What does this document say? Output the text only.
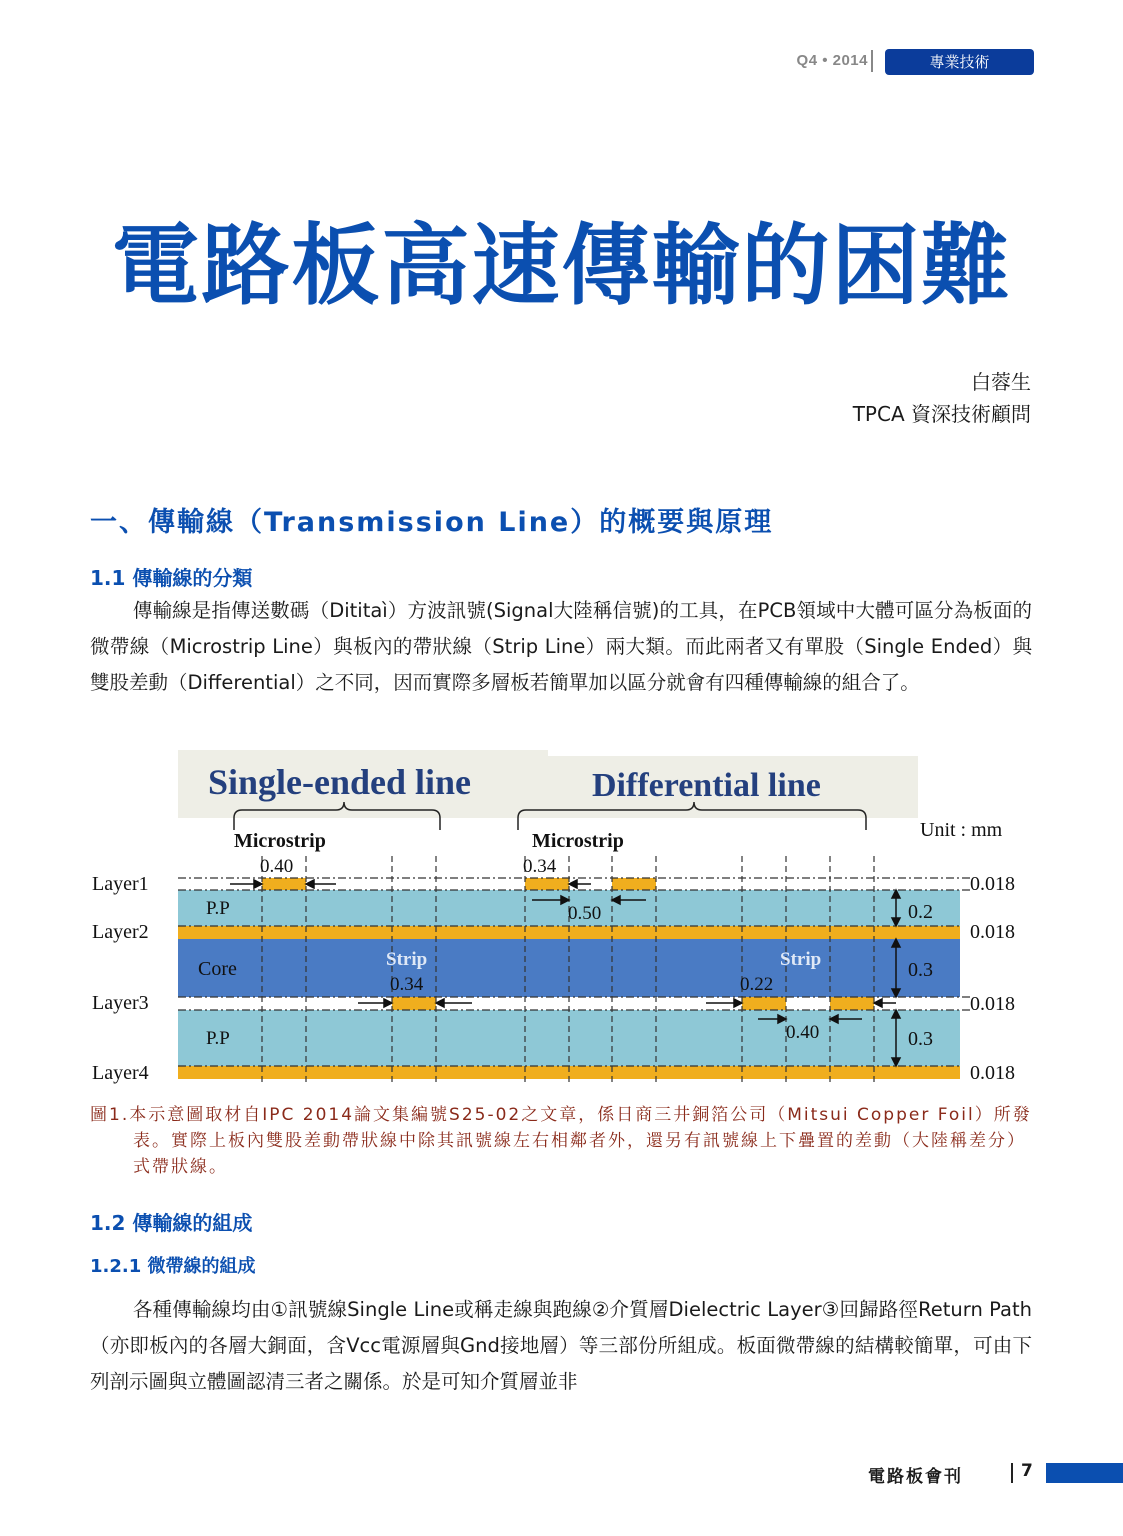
Q4 • 2014	專業技術
電路板高速傳輸的困難
白蓉生
TPCA 資深技術顧問
一、傳輸線（Transmission Line）的概要與原理
1.1 傳輸線的分類

傳輸線是指傳送數碼（Dititaì）方波訊號(Signal大陸稱信號)的工具，在PCB領域中大體可區分為板面的微帶線（Microstrip Line）與板內的帶狀線（Strip Line）兩大類。而此兩者又有單股（Single Ended）與雙股差動（Differential）之不同，因而實際多層板若簡單加以區分就會有四種傳輸線的組合了。

Single-ended line	Differential line
Unit : mm
Microstrip	Microstrip
Layer1
Layer2
Layer3
Layer4
P.P
Core
P.P
Strip	Strip
0.40	0.34
0.50
0.34	0.22
0.40
0.2
0.3
0.3
0.018
0.018
0.018
0.018

圖1.本示意圖取材自IPC 2014論文集編號S25-02之文章，係日商三井銅箔公司（Mitsui Copper Foil）所發表。實際上板內雙股差動帶狀線中除其訊號線左右相鄰者外，還另有訊號線上下疊置的差動（大陸稱差分）式帶狀線。

1.2 傳輸線的組成
1.2.1 微帶線的組成

各種傳輸線均由①訊號線Single Line或稱走線與跑線②介質層Dielectric Layer③回歸路徑Return Path（亦即板內的各層大銅面，含Vcc電源層與Gnd接地層）等三部份所組成。板面微帶線的結構較簡單，可由下列剖示圖與立體圖認清三者之關係。於是可知介質層並非

電路板會刊	7
